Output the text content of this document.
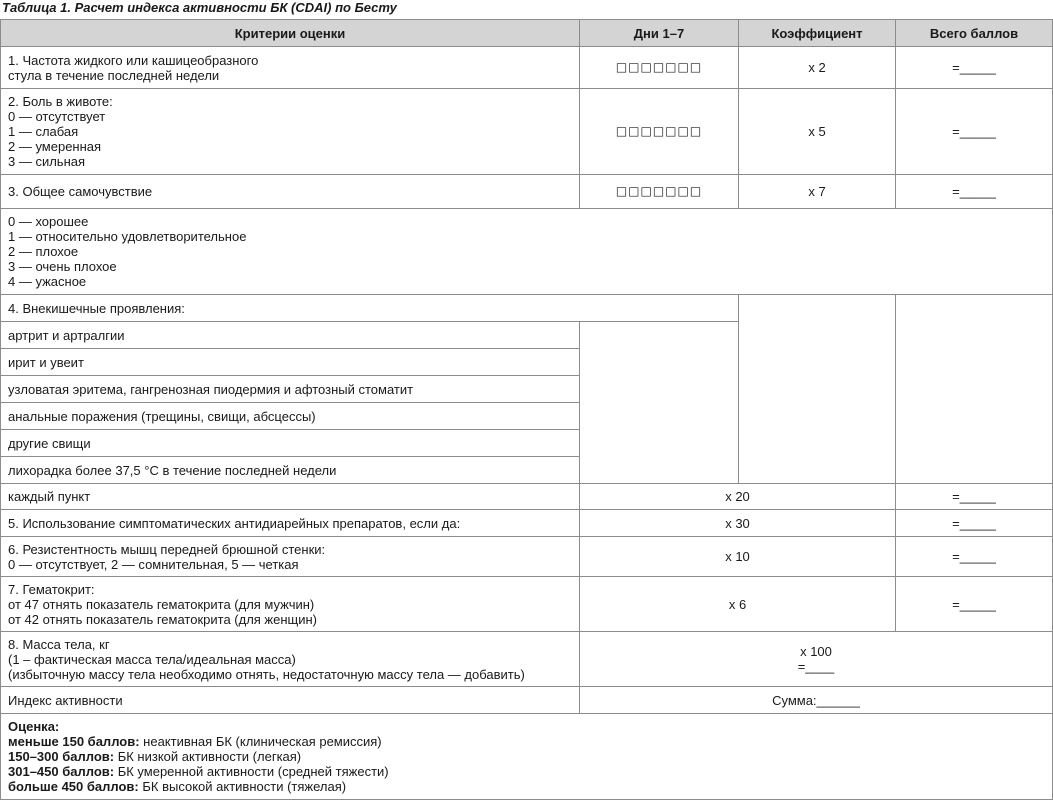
Таблица 1. Расчет индекса активности БК (CDAI) по Бесту
Критерии оценки	Дни 1–7	Коэффициент	Всего баллов

1. Частота жидкого или кашицеобразного
стула в течение последней недели	□□□□□□□	x 2	=_____

2. Боль в животе:
0 — отсутствует
1 — слабая
2 — умеренная
3 — сильная	□□□□□□□	x 5	=_____
3. Общее самочувствие	□□□□□□□	x 7	=_____

0 — хорошее
1 — относительно удовлетворительное
2 — плохое
3 — очень плохое
4 — ужасное			

4. Внекишечные проявления:			
артрит и артралгии			
ирит и увеит			
узловатая эритема, гангренозная пиодермия и афтозный стоматит			
анальные поражения (трещины, свищи, абсцессы)			
другие свищи			
лихорадка более 37,5 °С в течение последней недели			
каждый пункт	x 20		=_____
5. Использование симптоматических антидиарейных препаратов, если да:	x 30		=_____

6. Резистентность мышц передней брюшной стенки:
0 — отсутствует, 2 — сомнительная, 5 — четкая	x 10		=_____

7. Гематокрит:
от 47 отнять показатель гематокрита (для мужчин)
от 42 отнять показатель гематокрита (для женщин)	x 6		=_____

8. Масса тела, кг
(1 – фактическая масса тела/идеальная масса)
(избыточную массу тела необходимо отнять, недостаточную массу тела — добавить)	x 100
=____		

Индекс активности	Сумма:______		

Оценка:
меньше 150 баллов: неактивная БК (клиническая ремиссия)
150–300 баллов: БК низкой активности (легкая)
301–450 баллов: БК умеренной активности (средней тяжести)
больше 450 баллов: БК высокой активности (тяжелая)			
